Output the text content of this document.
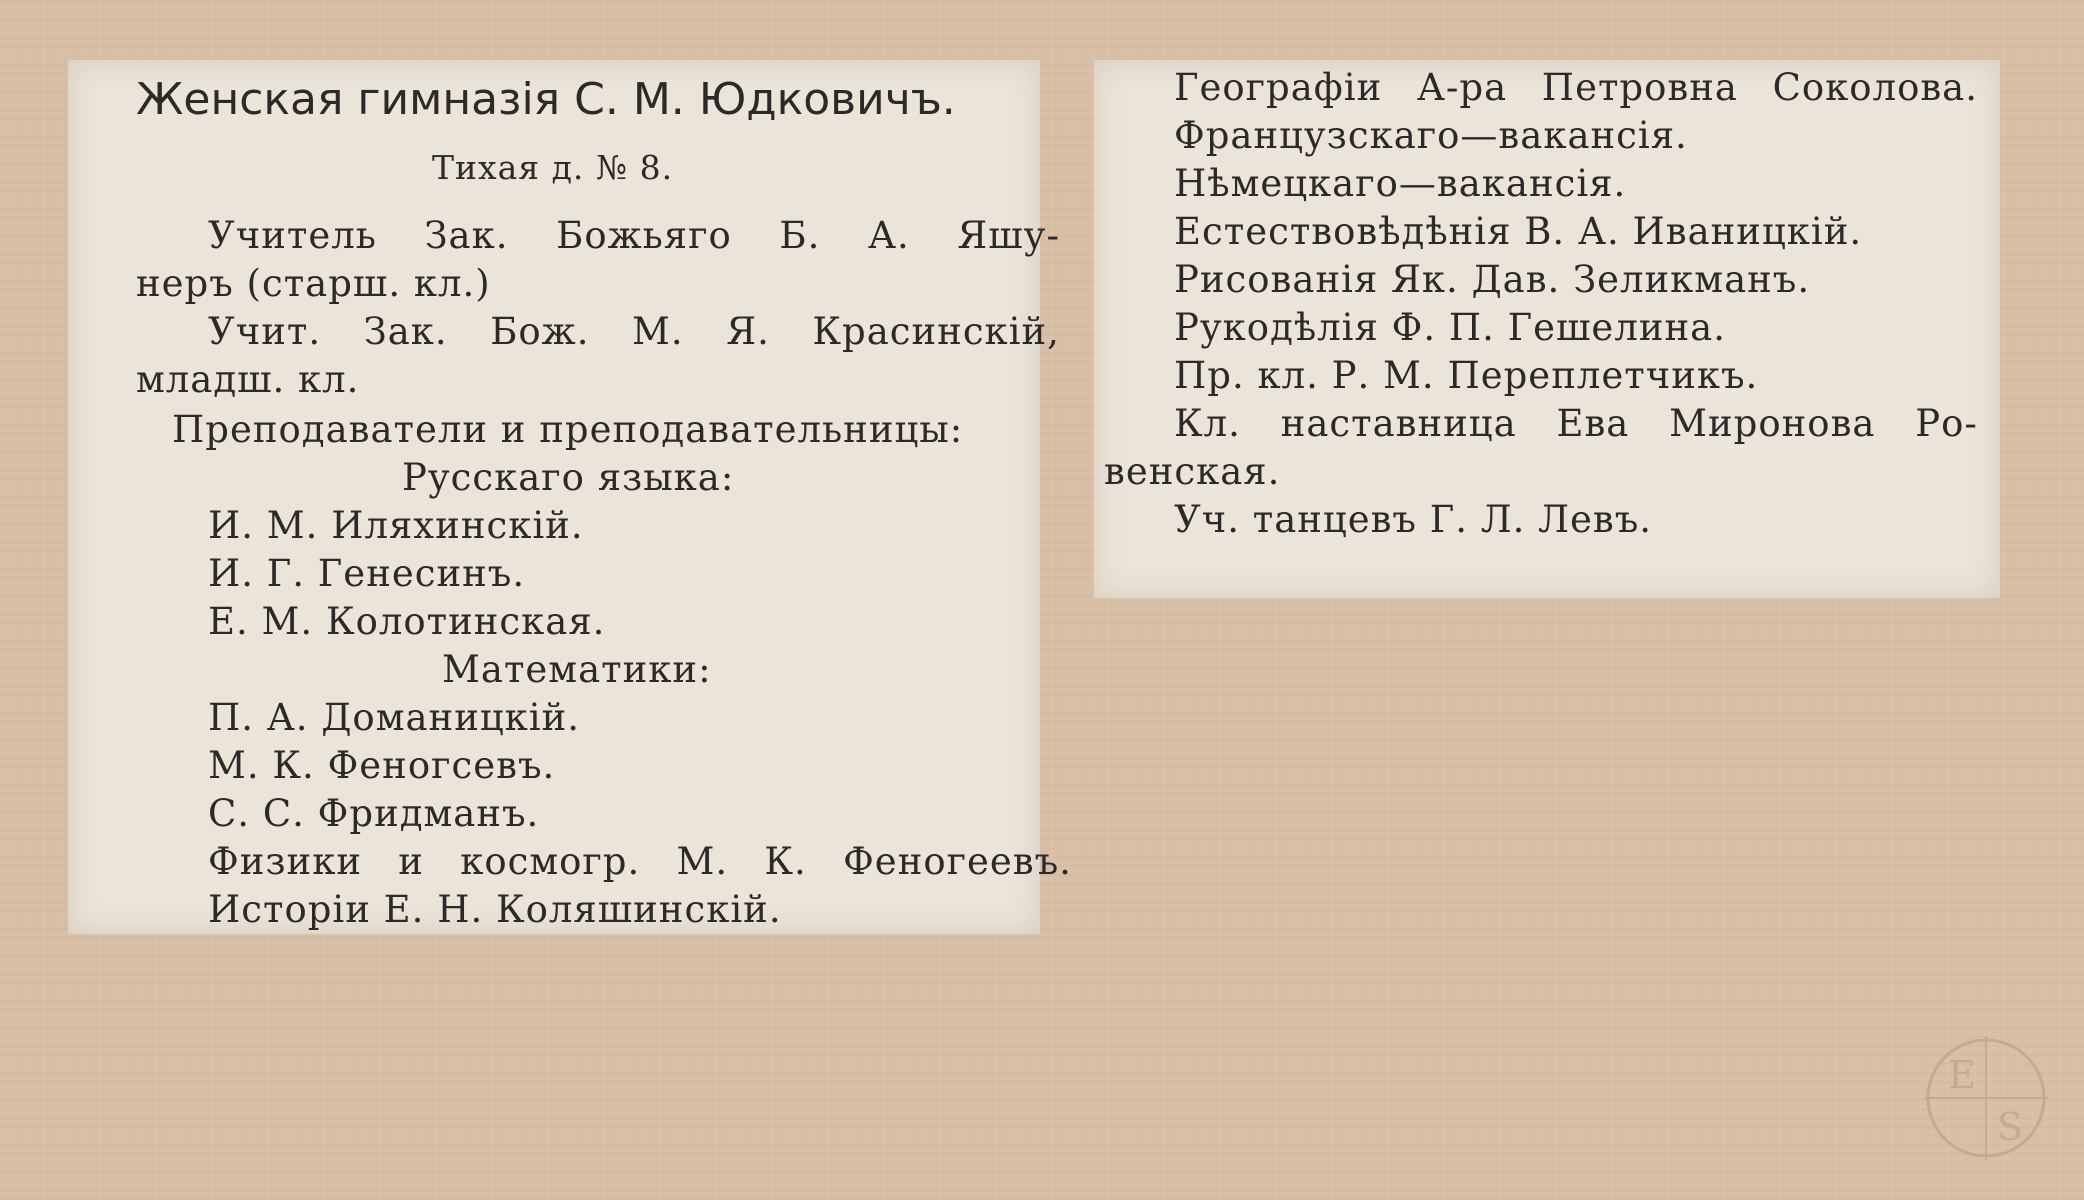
Женская гимназія С. М. Юдковичъ.
Тихая д. № 8.
Учитель Зак. Божьяго Б. А. Яшу-
неръ (старш. кл.)
Учит. Зак. Бож. М. Я. Красинскій,
младш. кл.
Преподаватели и преподавательницы:
Русскаго языка:
И. М. Иляхинскій.
И. Г. Генесинъ.
Е. М. Колотинская.
Математики:
П. А. Доманицкій.
М. К. Феногсевъ.
С. С. Фридманъ.
Физики и космогр. М. К. Феногеевъ.
Исторіи Е. Н. Коляшинскій.
Географіи А-ра Петровна Соколова.
Французскаго—вакансія.
Нѣмецкаго—вакансія.
Естествовѣдѣнія В. А. Иваницкій.
Рисованія Як. Дав. Зеликманъ.
Рукодѣлія Ф. П. Гешелина.
Пр. кл. Р. М. Переплетчикъ.
Кл. наставница Ева Миронова Ро-
венская.
Уч. танцевъ Г. Л. Левъ.
E
S
